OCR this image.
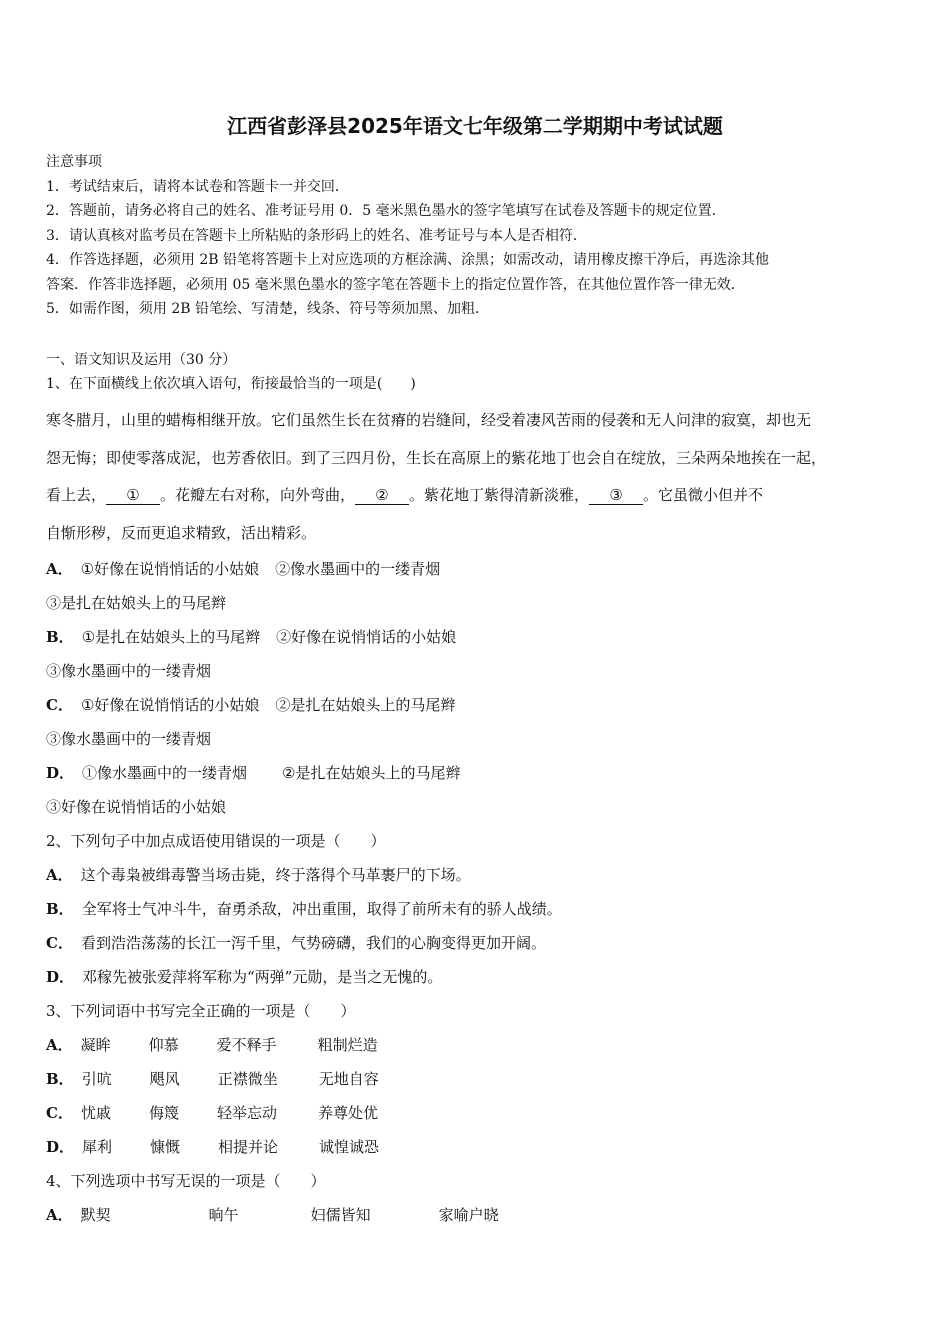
江西省彭泽县2025年语文七年级第二学期期中考试试题
注意事项
1．考试结束后，请将本试卷和答题卡一并交回．
2．答题前，请务必将自己的姓名、准考证号用 0．5 毫米黑色墨水的签字笔填写在试卷及答题卡的规定位置．
3．请认真核对监考员在答题卡上所粘贴的条形码上的姓名、准考证号与本人是否相符．
4．作答选择题，必须用 2B 铅笔将答题卡上对应选项的方框涂满、涂黑；如需改动，请用橡皮擦干净后，再选涂其他
答案．作答非选择题，必须用 05 毫米黑色墨水的签字笔在答题卡上的指定位置作答，在其他位置作答一律无效．
5．如需作图，须用 2B 铅笔绘、写清楚，线条、符号等须加黑、加粗．
一、语文知识及运用（30 分）
1、在下面横线上依次填入语句，衔接最恰当的一项是(　　)
寒冬腊月，山里的蜡梅相继开放。它们虽然生长在贫瘠的岩缝间，经受着凄风苦雨的侵袭和无人问津的寂寞，却也无
怨无悔；即使零落成泥，也芳香依旧。到了三四月份，生长在高原上的紫花地丁也会自在绽放，三朵两朵地挨在一起，
看上去， ① 。花瓣左右对称，向外弯曲， ② 。紫花地丁紫得清新淡雅， ③ 。它虽微小但并不
自惭形秽，反而更追求精致，活出精彩。
A． ①好像在说悄悄话的小姑娘 ②像水墨画中的一缕青烟
③是扎在姑娘头上的马尾辫
B． ①是扎在姑娘头上的马尾辫 ②好像在说悄悄话的小姑娘
③像水墨画中的一缕青烟
C． ①好像在说悄悄话的小姑娘 ②是扎在姑娘头上的马尾辫
③像水墨画中的一缕青烟
D． ①像水墨画中的一缕青烟 ②是扎在姑娘头上的马尾辫
③好像在说悄悄话的小姑娘
2、下列句子中加点成语使用错误的一项是（　　）
A． 这个毒枭被缉毒警当场击毙，终于落得个马革裹尸的下场。
B． 全军将士气冲斗牛，奋勇杀敌，冲出重围，取得了前所未有的骄人战绩。
C． 看到浩浩荡荡的长江一泻千里，气势磅礴，我们的心胸变得更加开阔。
D． 邓稼先被张爱萍将军称为“两弹”元勋，是当之无愧的。
3、下列词语中书写完全正确的一项是（　　）
A． 凝眸	仰慕	爱不释手	粗制烂造
B． 引吭	飓风	正襟微坐	无地自容
C． 忧戚	侮篾	轻举忘动	养尊处优
D． 犀利	慷慨	相提并论	诚惶诚恐
4、下列选项中书写无误的一项是（　　）
A． 默契	晌午	妇儒皆知	家喻户晓
